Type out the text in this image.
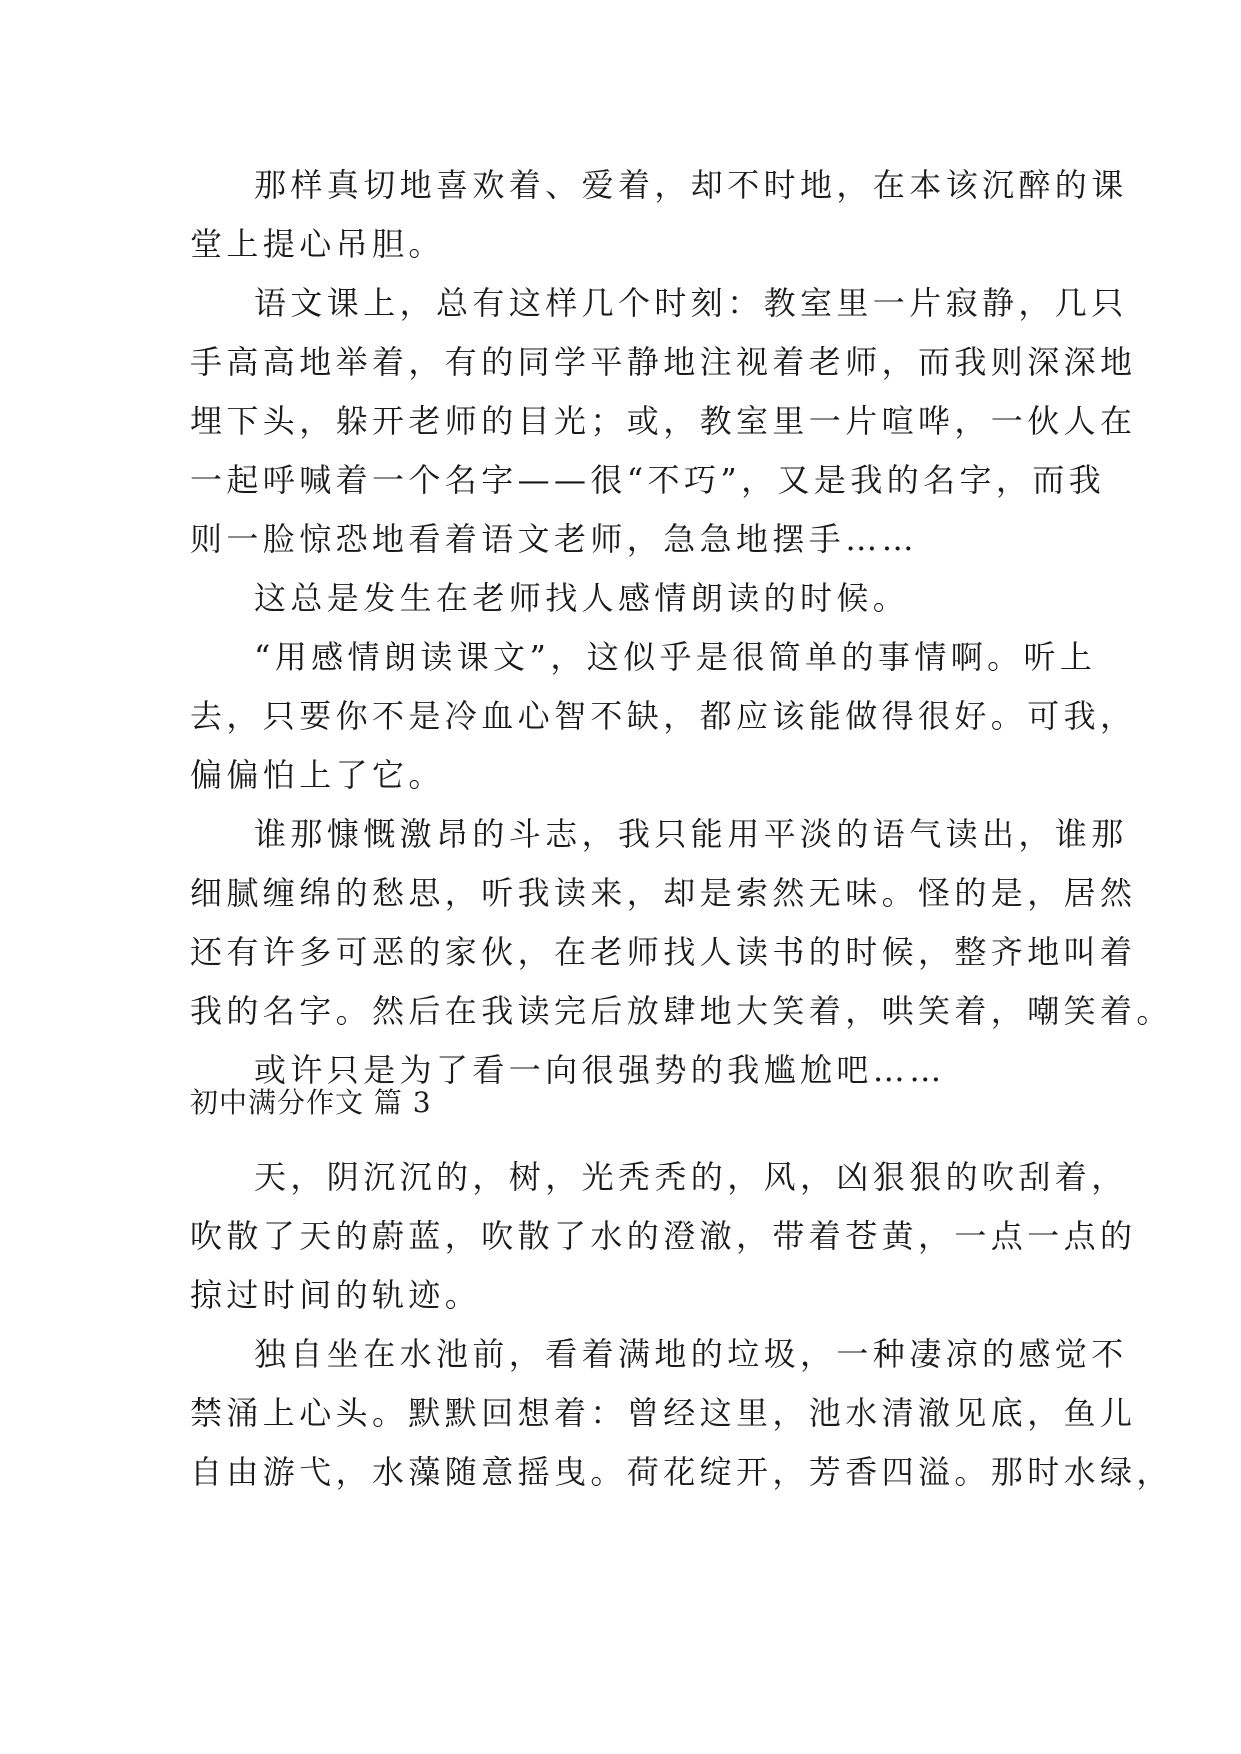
那样真切地喜欢着、爱着，却不时地，在本该沉醉的课
堂上提心吊胆。
语文课上，总有这样几个时刻：教室里一片寂静，几只
手高高地举着，有的同学平静地注视着老师，而我则深深地
埋下头，躲开老师的目光；或，教室里一片喧哗，一伙人在
一起呼喊着一个名字——很“不巧”，又是我的名字，而我
则一脸惊恐地看着语文老师，急急地摆手……
这总是发生在老师找人感情朗读的时候。
“用感情朗读课文”，这似乎是很简单的事情啊。听上
去，只要你不是冷血心智不缺，都应该能做得很好。可我，
偏偏怕上了它。
谁那慷慨激昂的斗志，我只能用平淡的语气读出，谁那
细腻缠绵的愁思，听我读来，却是索然无味。怪的是，居然
还有许多可恶的家伙，在老师找人读书的时候，整齐地叫着
我的名字。然后在我读完后放肆地大笑着，哄笑着，嘲笑着。
或许只是为了看一向很强势的我尴尬吧……
初中满分作文 篇 3
天，阴沉沉的，树，光秃秃的，风，凶狠狠的吹刮着，
吹散了天的蔚蓝，吹散了水的澄澈，带着苍黄，一点一点的
掠过时间的轨迹。
独自坐在水池前，看着满地的垃圾，一种凄凉的感觉不
禁涌上心头。默默回想着：曾经这里，池水清澈见底，鱼儿
自由游弋，水藻随意摇曳。荷花绽开，芳香四溢。那时水绿，
